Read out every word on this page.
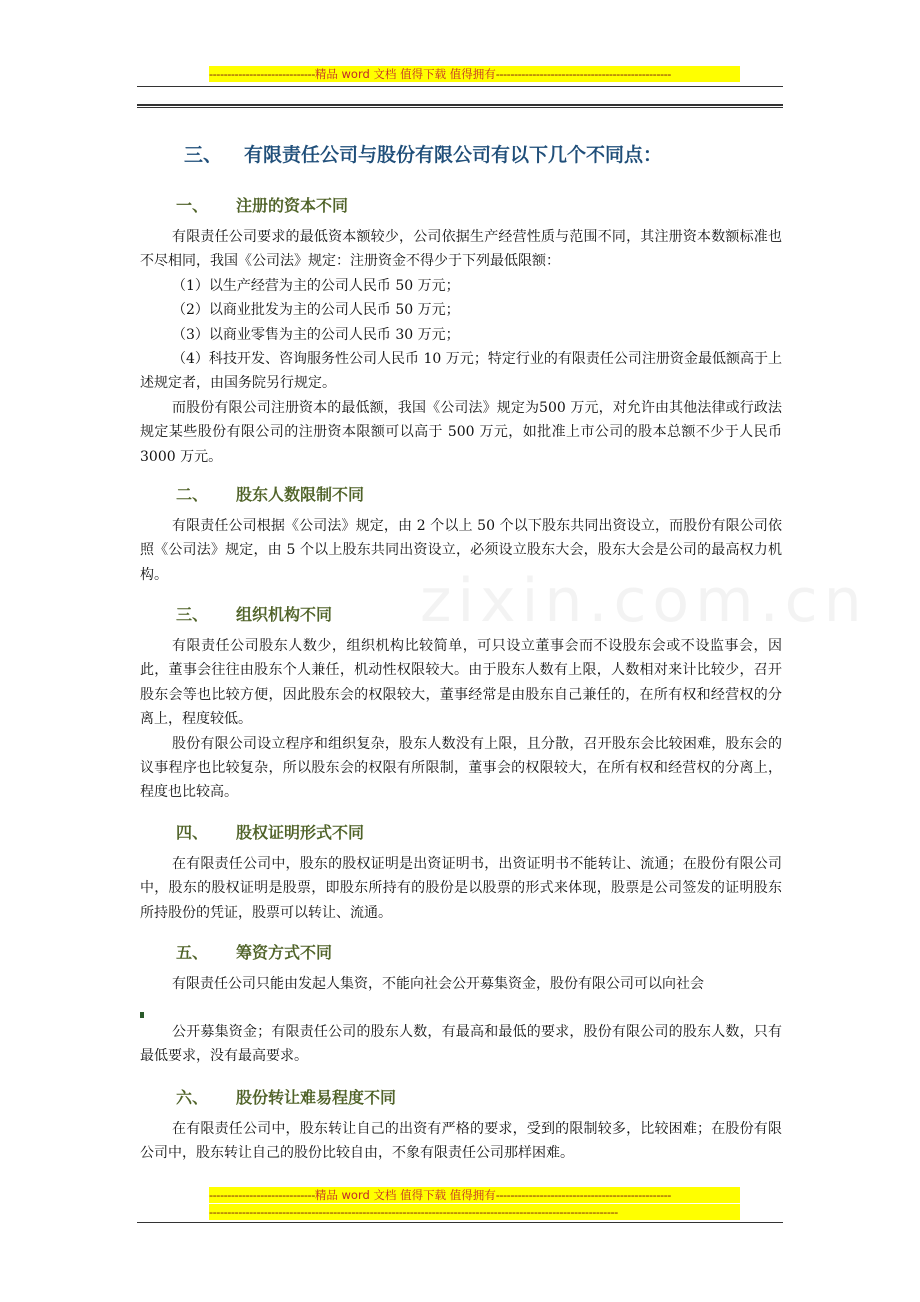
-----------------------------精品 word 文档 值得下载 值得拥有------------------------------------------------
zixin.com.cn
三、 有限责任公司与股份有限公司有以下几个不同点：
一、 注册的资本不同

有限责任公司要求的最低资本额较少，公司依据生产经营性质与范围不同，其注册资本数额标准也不尽相同，我国《公司法》规定：注册资金不得少于下列最低限额：

（1）以生产经营为主的公司人民币 50 万元；

（2）以商业批发为主的公司人民币 50 万元；

（3）以商业零售为主的公司人民币 30 万元；

（4）科技开发、咨询服务性公司人民币 10 万元；特定行业的有限责任公司注册资金最低额高于上述规定者，由国务院另行规定。

而股份有限公司注册资本的最低额，我国《公司法》规定为500 万元，对允许由其他法律或行政法规定某些股份有限公司的注册资本限额可以高于 500 万元，如批准上市公司的股本总额不少于人民币 3000 万元。

二、 股东人数限制不同

有限责任公司根据《公司法》规定，由 2 个以上 50 个以下股东共同出资设立，而股份有限公司依照《公司法》规定，由 5 个以上股东共同出资设立，必须设立股东大会，股东大会是公司的最高权力机构。

三、 组织机构不同

有限责任公司股东人数少，组织机构比较简单，可只设立董事会而不设股东会或不设监事会，因此，董事会往往由股东个人兼任，机动性权限较大。由于股东人数有上限，人数相对来计比较少，召开股东会等也比较方便，因此股东会的权限较大，董事经常是由股东自己兼任的，在所有权和经营权的分离上，程度较低。

股份有限公司设立程序和组织复杂，股东人数没有上限，且分散，召开股东会比较困难，股东会的议事程序也比较复杂，所以股东会的权限有所限制，董事会的权限较大，在所有权和经营权的分离上，程度也比较高。

四、 股权证明形式不同

在有限责任公司中，股东的股权证明是出资证明书，出资证明书不能转让、流通；在股份有限公司中，股东的股权证明是股票，即股东所持有的股份是以股票的形式来体现，股票是公司签发的证明股东所持股份的凭证，股票可以转让、流通。

五、 筹资方式不同

有限责任公司只能由发起人集资，不能向社会公开募集资金，股份有限公司可以向社会

公开募集资金；有限责任公司的股东人数，有最高和最低的要求，股份有限公司的股东人数，只有最低要求，没有最高要求。

六、 股份转让难易程度不同

在有限责任公司中，股东转让自己的出资有严格的要求，受到的限制较多，比较困难；在股份有限公司中，股东转让自己的股份比较自由，不象有限责任公司那样困难。

-----------------------------精品 word 文档 值得下载 值得拥有------------------------------------------------
----------------------------------------------------------------------------------------------------------------
